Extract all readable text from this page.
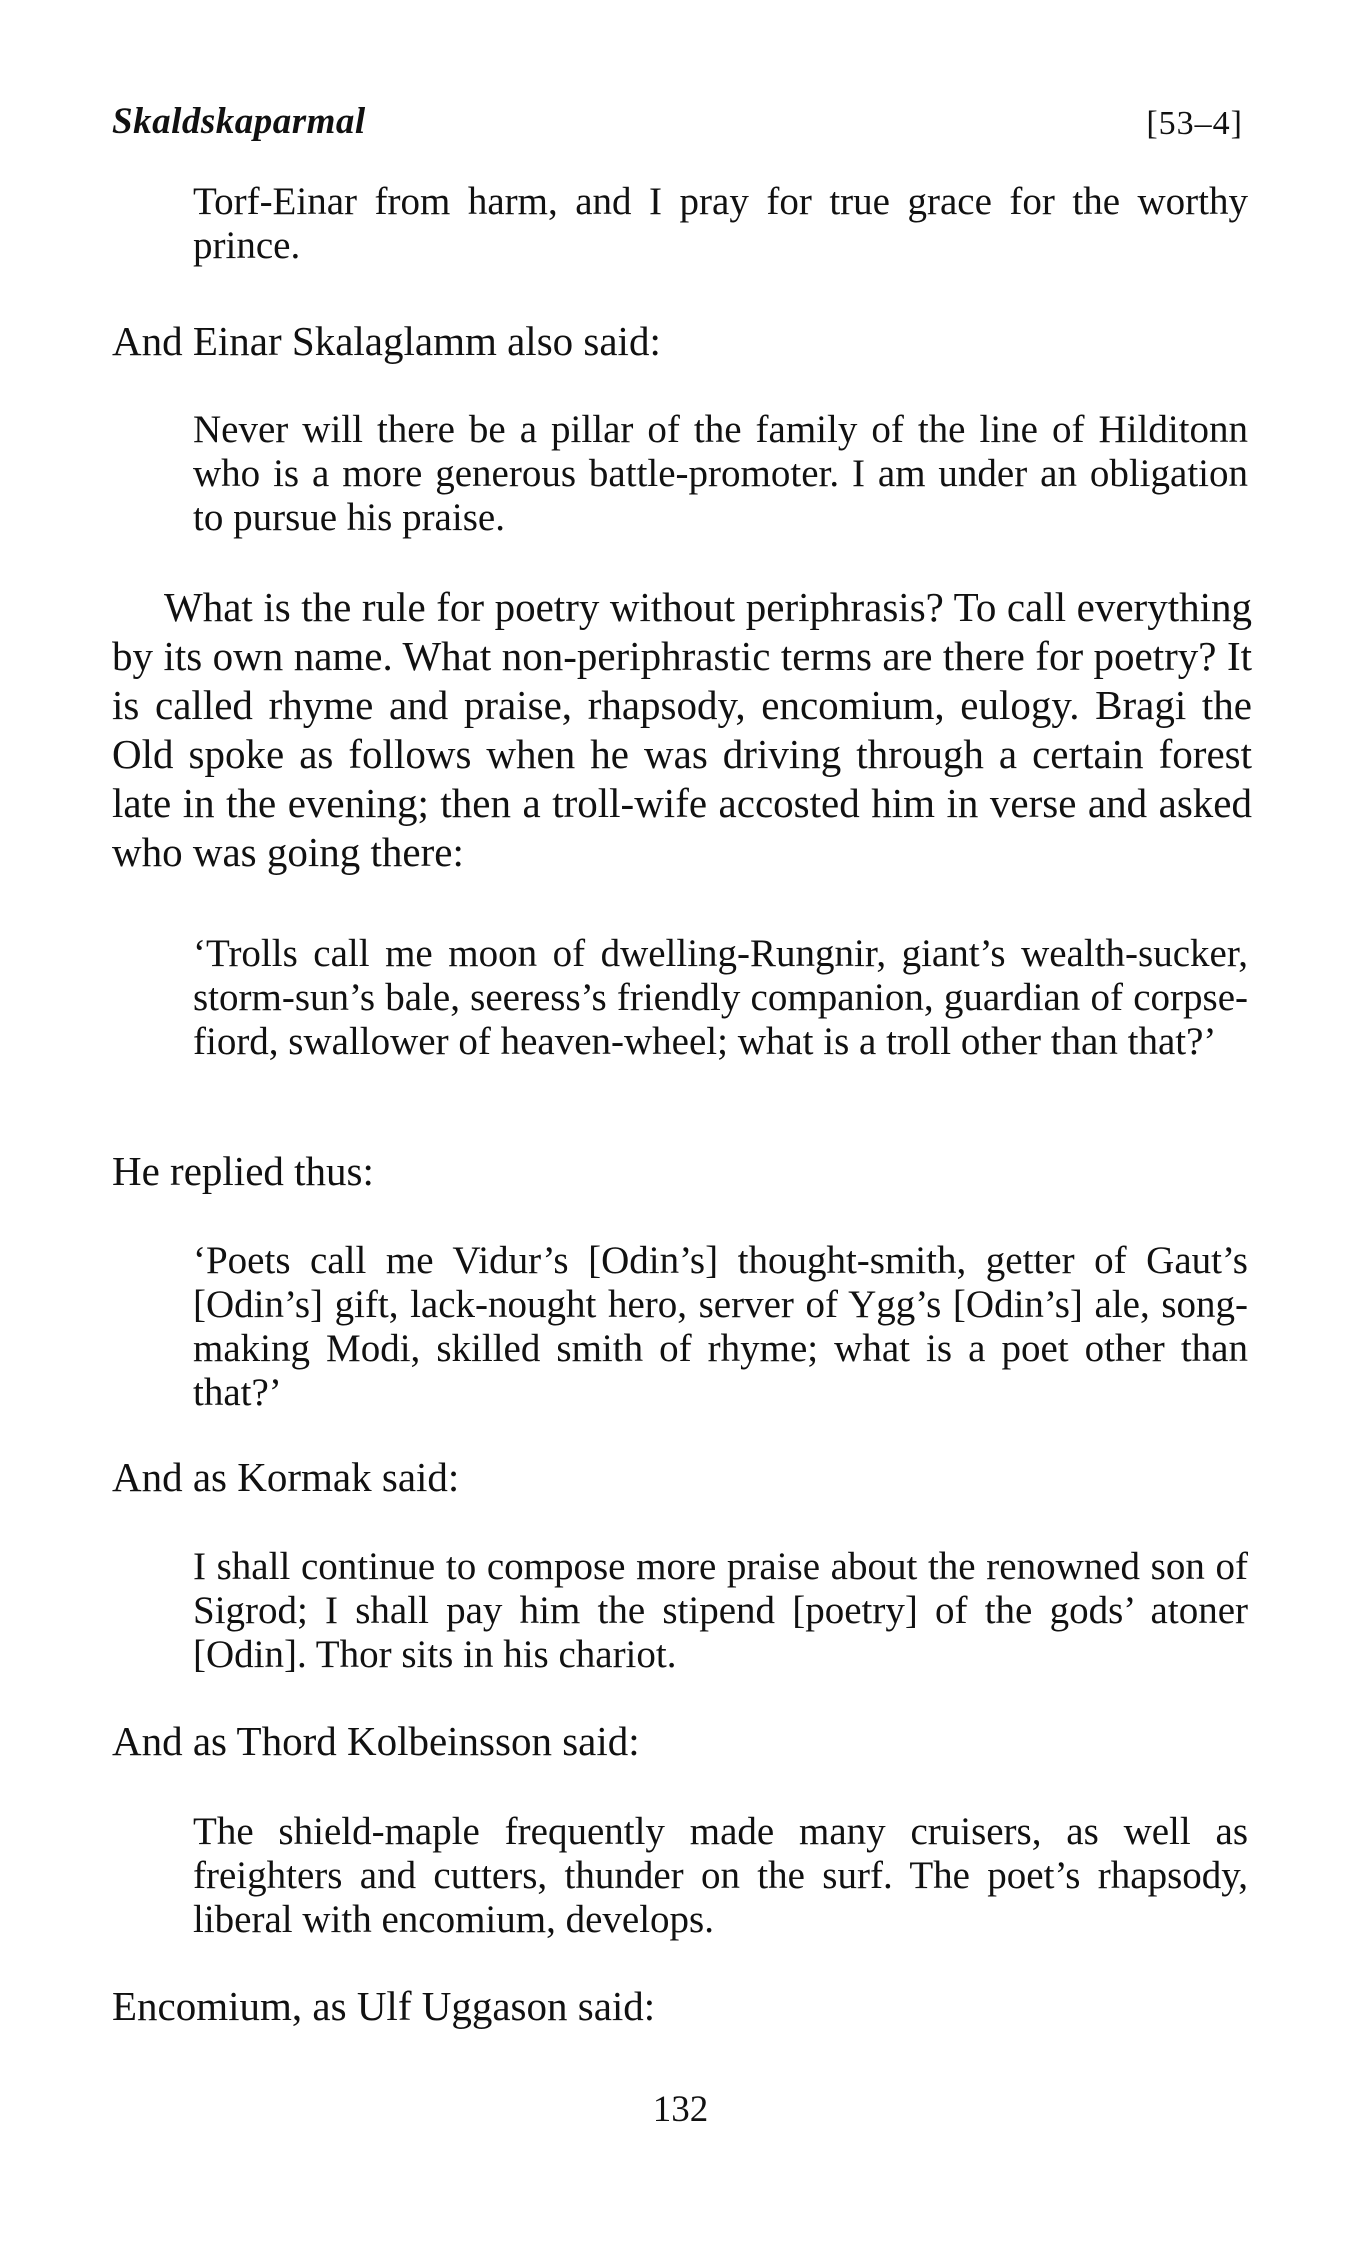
Skaldskaparmal	[53–4]

Torf-Einar from harm, and I pray for true grace for the worthy prince.

And Einar Skalaglamm also said:

Never will there be a pillar of the family of the line of Hilditonn who is a more generous battle-promoter. I am under an obligation to pursue his praise.

What is the rule for poetry without periphrasis? To call everything by its own name. What non-periphrastic terms are there for poetry? It is called rhyme and praise, rhapsody, encomium, eulogy. Bragi the Old spoke as follows when he was driving through a certain forest late in the evening; then a troll-wife accosted him in verse and asked who was going there:

‘Trolls call me moon of dwelling-Rungnir, giant’s wealth-sucker, storm-sun’s bale, seeress’s friendly companion, guardian of corpse-fiord, swallower of heaven-wheel; what is a troll other than that?’

He replied thus:

‘Poets call me Vidur’s [Odin’s] thought-smith, getter of Gaut’s [Odin’s] gift, lack-nought hero, server of Ygg’s [Odin’s] ale, song-making Modi, skilled smith of rhyme; what is a poet other than that?’

And as Kormak said:

I shall continue to compose more praise about the renowned son of Sigrod; I shall pay him the stipend [poetry] of the gods’ atoner [Odin]. Thor sits in his chariot.

And as Thord Kolbeinsson said:

The shield-maple frequently made many cruisers, as well as freighters and cutters, thunder on the surf. The poet’s rhapsody, liberal with encomium, develops.

Encomium, as Ulf Uggason said:

132
